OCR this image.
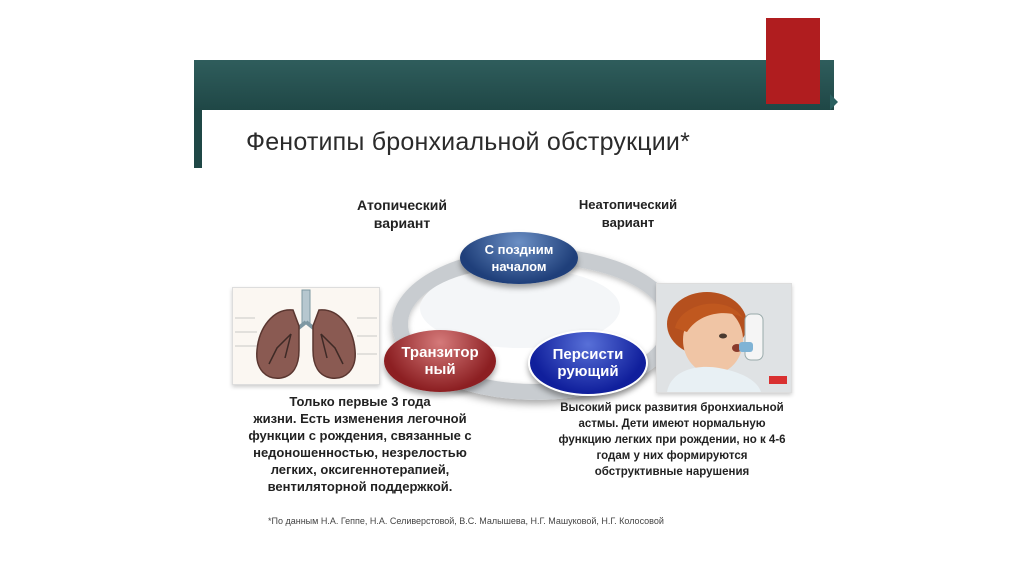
Фенотипы бронхиальной обструкции*
Атопический
вариант
Неатопический
вариант
С поздним
началом
Транзитор
ный
Персисти
рующий
Только первые 3 года
жизни. Есть изменения легочной
функции с рождения, связанные с
недоношенностью, незрелостью
легких, оксигеннотерапией,
вентиляторной поддержкой.
Высокий риск развития бронхиальной
астмы. Дети имеют нормальную
функцию легких при рождении, но к 4-6
годам у них формируются
обструктивные нарушения
*По данным Н.А. Геппе, Н.А. Селиверстовой, В.С. Малышева, Н.Г. Машуковой, Н.Г. Колосовой
